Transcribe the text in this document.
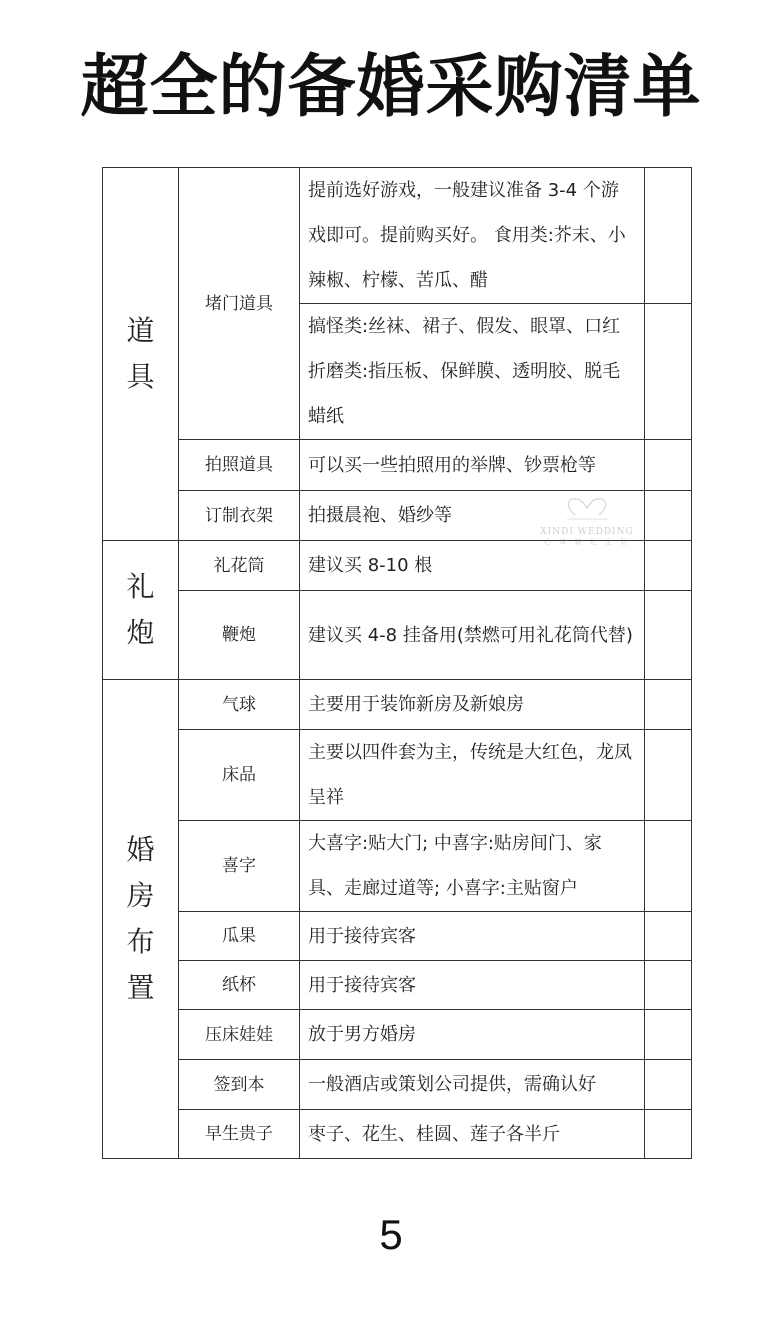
超全的备婚采购清单
道具	堵门道具	提前选好游戏，一般建议准备 3-4 个游戏即可。提前购买好。 食用类:芥末、小辣椒、柠檬、苦瓜、醋	
		搞怪类:丝袜、裙子、假发、眼罩、口红 折磨类:指压板、保鲜膜、透明胶、脱毛 蜡纸	
	拍照道具	可以买一些拍照用的举牌、钞票枪等	
	订制衣架	拍摄晨袍、婚纱等	
礼炮	礼花筒	建议买 8-10 根	
	鞭炮	建议买 4-8 挂备用(禁燃可用礼花筒代替)	
婚房布置	气球	主要用于装饰新房及新娘房	
	床品	主要以四件套为主，传统是大红色，龙凤呈祥	
	喜字	大喜字:贴大门; 中喜字:贴房间门、家具、走廊过道等; 小喜字:主贴窗户	
	瓜果	用于接待宾客	
	纸杯	用于接待宾客	
	压床娃娃	放于男方婚房	
	签到本	一般酒店或策划公司提供，需确认好	
	早生贵子	枣子、花生、桂圆、莲子各半斤	
XINDI WEDDING
心 缔 婚 礼 企 划
5
